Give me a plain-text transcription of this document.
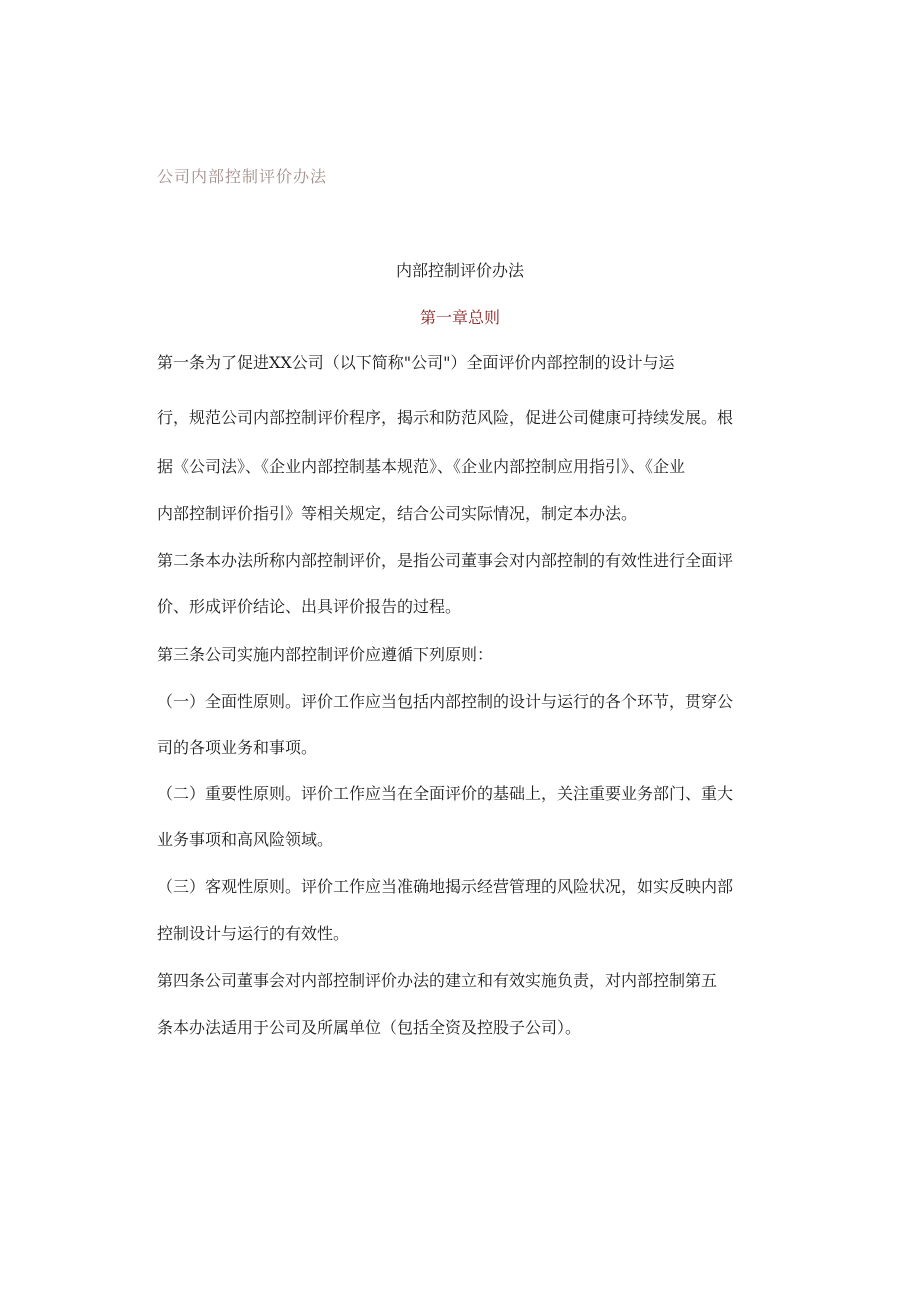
公司内部控制评价办法
内部控制评价办法
第一章总则
第一条为了促进XX公司（以下简称"公司"）全面评价内部控制的设计与运
行，规范公司内部控制评价程序，揭示和防范风险，促进公司健康可持续发展。根
据《公司法》、《企业内部控制基本规范》、《企业内部控制应用指引》、《企业
内部控制评价指引》等相关规定，结合公司实际情况，制定本办法。
第二条本办法所称内部控制评价，是指公司董事会对内部控制的有效性进行全面评
价、形成评价结论、出具评价报告的过程。
第三条公司实施内部控制评价应遵循下列原则：
（一）全面性原则。评价工作应当包括内部控制的设计与运行的各个环节，贯穿公
司的各项业务和事项。
（二）重要性原则。评价工作应当在全面评价的基础上，关注重要业务部门、重大
业务事项和高风险领域。
（三）客观性原则。评价工作应当准确地揭示经营管理的风险状况，如实反映内部
控制设计与运行的有效性。
第四条公司董事会对内部控制评价办法的建立和有效实施负责，对内部控制第五
条本办法适用于公司及所属单位（包括全资及控股子公司）。
